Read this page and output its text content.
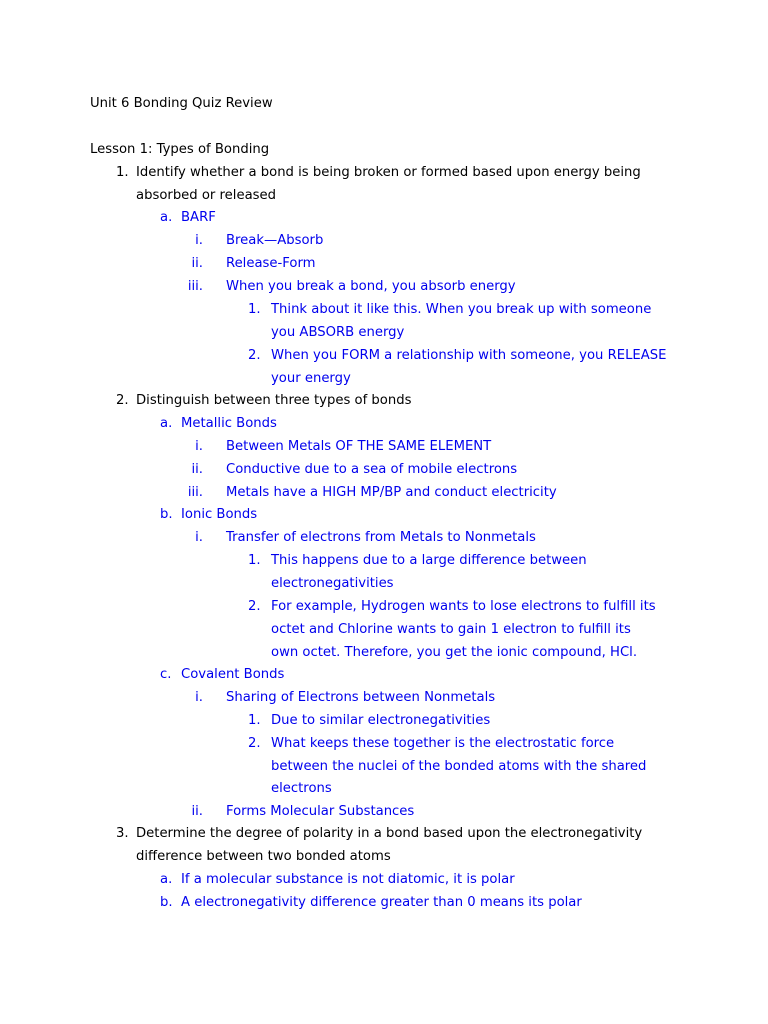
Unit 6 Bonding Quiz Review
Lesson 1: Types of Bonding
1. Identify whether a bond is being broken or formed based upon energy being
absorbed or released
a. BARF
i. Break—Absorb
ii. Release-Form
iii. When you break a bond, you absorb energy
1. Think about it like this. When you break up with someone
you ABSORB energy
2. When you FORM a relationship with someone, you RELEASE
your energy
2. Distinguish between three types of bonds
a. Metallic Bonds
i. Between Metals OF THE SAME ELEMENT
ii. Conductive due to a sea of mobile electrons
iii. Metals have a HIGH MP/BP and conduct electricity
b. Ionic Bonds
i. Transfer of electrons from Metals to Nonmetals
1. This happens due to a large difference between
electronegativities
2. For example, Hydrogen wants to lose electrons to fulfill its
octet and Chlorine wants to gain 1 electron to fulfill its
own octet. Therefore, you get the ionic compound, HCl.
c. Covalent Bonds
i. Sharing of Electrons between Nonmetals
1. Due to similar electronegativities
2. What keeps these together is the electrostatic force
between the nuclei of the bonded atoms with the shared
electrons
ii. Forms Molecular Substances
3. Determine the degree of polarity in a bond based upon the electronegativity
difference between two bonded atoms
a. If a molecular substance is not diatomic, it is polar
b. A electronegativity difference greater than 0 means its polar
